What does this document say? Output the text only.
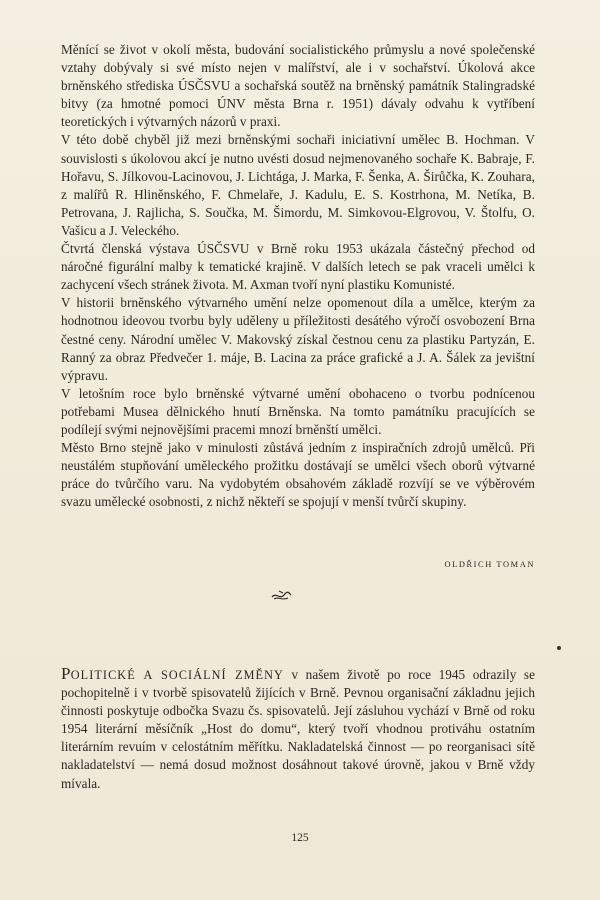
Měnící se život v okolí města, budování socialistického průmyslu a nové společenské vztahy dobývaly si své místo nejen v malířství, ale i v sochařství. Úkolová akce brněnského střediska ÚSČSVU a sochařská soutěž na brněnský památník Stalingradské bitvy (za hmotné pomoci ÚNV města Brna r. 1951) dávaly odvahu k vytříbení teoretických i výtvarných názorů v praxi.

V této době chyběl již mezi brněnskými sochaři iniciativní umělec B. Hochman. V souvislosti s úkolovou akcí je nutno uvésti dosud nejmenovaného sochaře K. Babraje, F. Hořavu, S. Jílkovou-Lacinovou, J. Lichtága, J. Marka, F. Šenka, A. Širůčka, K. Zouhara, z malířů R. Hliněnského, F. Chmelaře, J. Kadulu, E. S. Kostrhona, M. Netíka, B. Petrovana, J. Rajlicha, S. Součka, M. Šimordu, M. Simkovou-Elgrovou, V. Štolfu, O. Vašicu a J. Veleckého.

Čtvrtá členská výstava ÚSČSVU v Brně roku 1953 ukázala částečný přechod od náročné figurální malby k tematické krajině. V dalších letech se pak vraceli umělci k zachycení všech stránek života. M. Axman tvoří nyní plastiku Komunisté.

V historii brněnského výtvarného umění nelze opomenout díla a umělce, kterým za hodnotnou ideovou tvorbu byly uděleny u příležitosti desátého výročí osvobození Brna čestné ceny. Národní umělec V. Makovský získal čestnou cenu za plastiku Partyzán, E. Ranný za obraz Předvečer 1. máje, B. Lacina za práce grafické a J. A. Šálek za jevištní výpravu.

V letošním roce bylo brněnské výtvarné umění obohaceno o tvorbu podnícenou potřebami Musea dělnického hnutí Brněnska. Na tomto památníku pracujících se podílejí svými nejnovějšími pracemi mnozí brněnští umělci.

Město Brno stejně jako v minulosti zůstává jedním z inspiračních zdrojů umělců. Při neustálém stupňování uměleckého prožitku dostávají se umělci všech oborů výtvarné práce do tvůrčího varu. Na vydobytém obsahovém základě rozvíjí se ve výběrovém svazu umělecké osobnosti, z nichž někteří se spojují v menší tvůrčí skupiny.

OLDŘICH TOMAN

POLITICKÉ A SOCIÁLNÍ ZMĚNY v našem životě po roce 1945 odrazily se pochopitelně i v tvorbě spisovatelů žijících v Brně. Pevnou organisační základnu jejich činnosti poskytuje odbočka Svazu čs. spisovatelů. Její zásluhou vychází v Brně od roku 1954 literární měsíčník „Host do domu“, který tvoří vhodnou protiváhu ostatním literárním revuím v celostátním měřítku. Nakladatelská činnost — po reorganisaci sítě nakladatelství — nemá dosud možnost dosáhnout takové úrovně, jakou v Brně vždy mívala.

125
